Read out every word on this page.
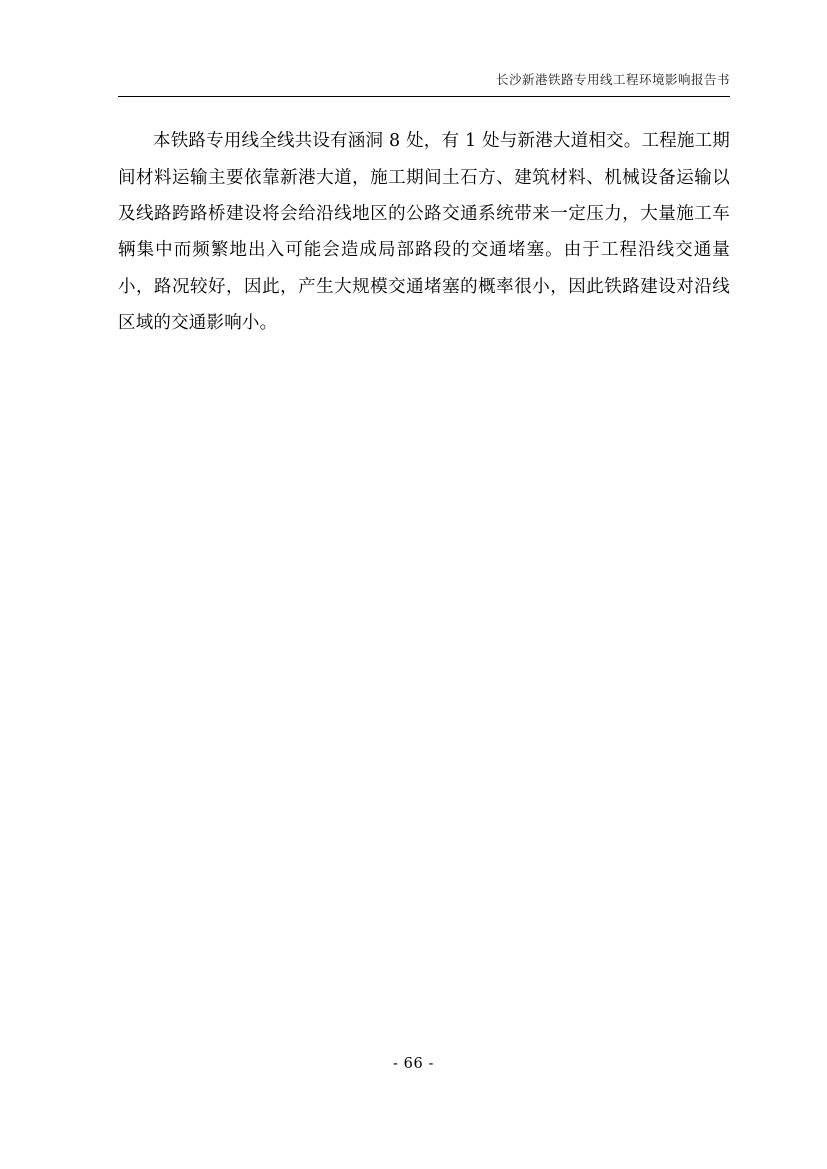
长沙新港铁路专用线工程环境影响报告书

本铁路专用线全线共设有涵洞 8 处，有 1 处与新港大道相交。工程施工期间材料运输主要依靠新港大道，施工期间土石方、建筑材料、机械设备运输以及线路跨路桥建设将会给沿线地区的公路交通系统带来一定压力，大量施工车辆集中而频繁地出入可能会造成局部路段的交通堵塞。由于工程沿线交通量小，路况较好，因此，产生大规模交通堵塞的概率很小，因此铁路建设对沿线区域的交通影响小。

- 66 -
